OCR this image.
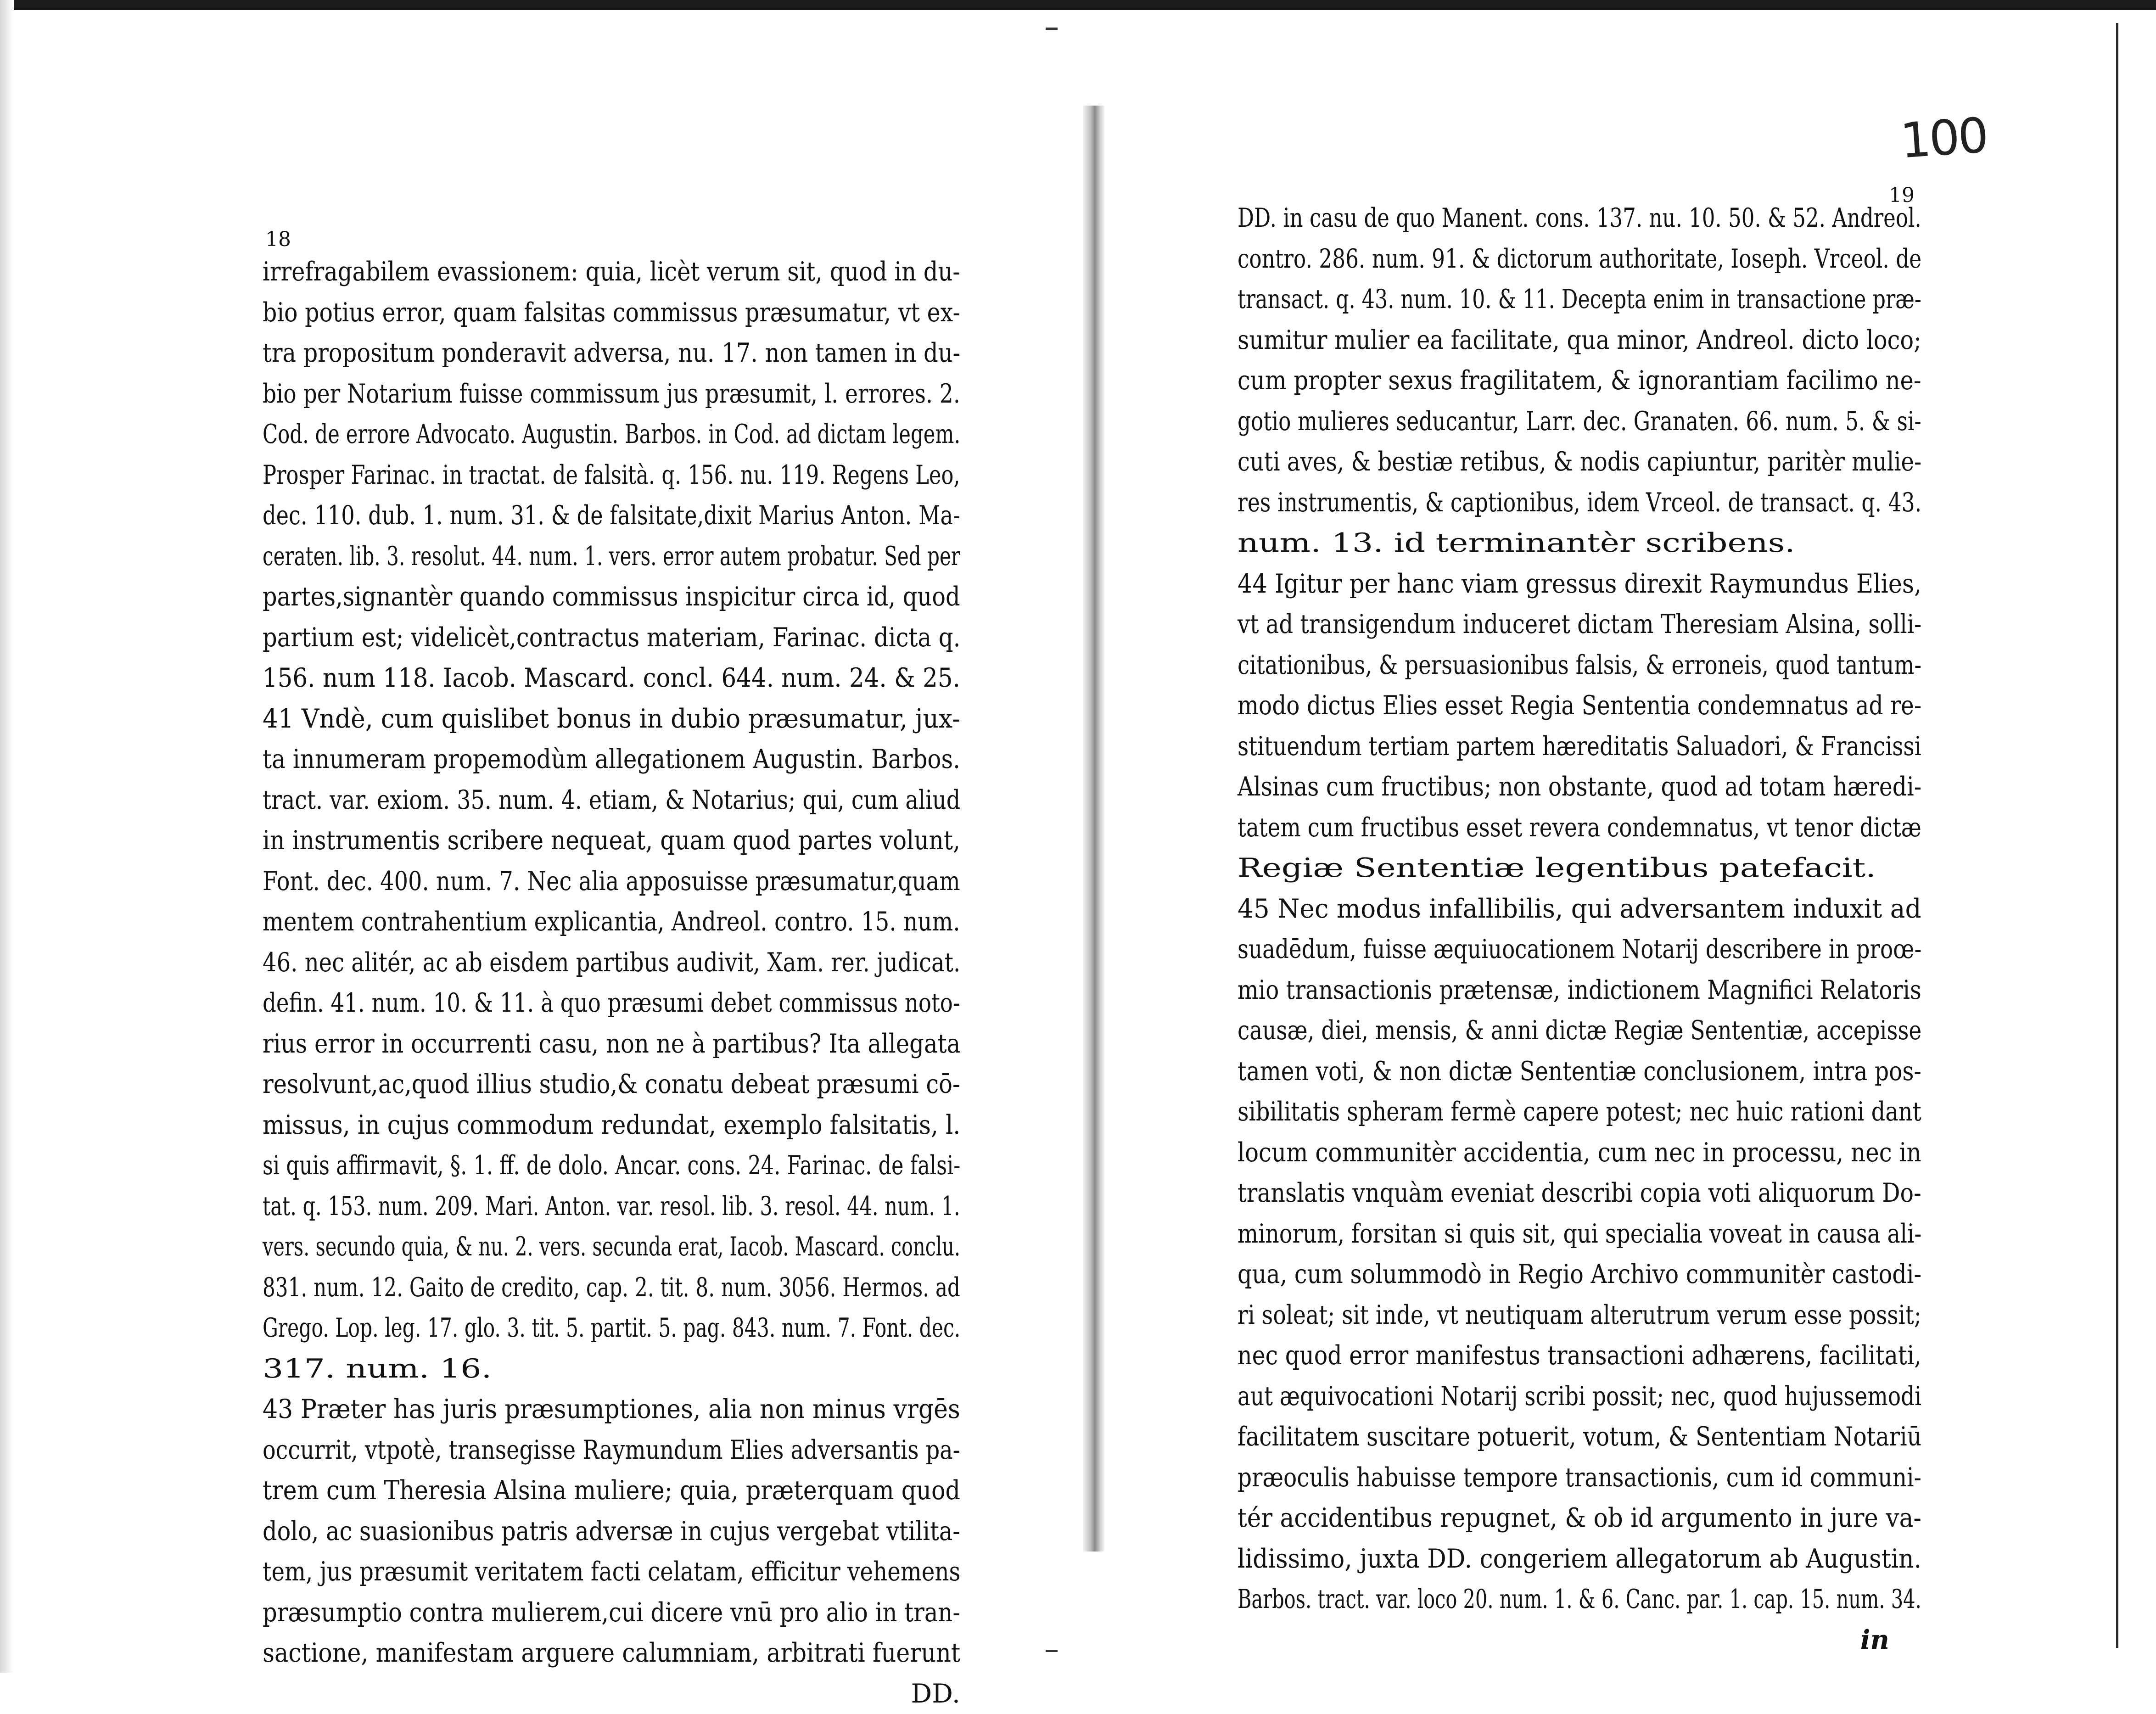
18
19
100
irrefragabilem evassionem: quia, licèt verum sit, quod in du-
bio potius error, quam falsitas commissus præsumatur, vt ex-
tra propositum ponderavit adversa, nu. 17. non tamen in du-
bio per Notarium fuisse commissum jus præsumit, l. errores. 2.
Cod. de errore Advocato. Augustin. Barbos. in Cod. ad dictam legem.
Prosper Farinac. in tractat. de falsità. q. 156. nu. 119. Regens Leo,
dec. 110. dub. 1. num. 31. & de falsitate,dixit Marius Anton. Ma-
ceraten. lib. 3. resolut. 44. num. 1. vers. error autem probatur. Sed per
partes,signantèr quando commissus inspicitur circa id, quod
partium est; videlicèt,contractus materiam, Farinac. dicta q.
156. num 118. Iacob. Mascard. concl. 644. num. 24. & 25.
41 Vndè, cum quislibet bonus in dubio præsumatur, jux-
ta innumeram propemodùm allegationem Augustin. Barbos.
tract. var. exiom. 35. num. 4. etiam, & Notarius; qui, cum aliud
in instrumentis scribere nequeat, quam quod partes volunt,
Font. dec. 400. num. 7. Nec alia apposuisse præsumatur,quam
mentem contrahentium explicantia, Andreol. contro. 15. num.
46. nec alitér, ac ab eisdem partibus audivit, Xam. rer. judicat.
defin. 41. num. 10. & 11. à quo præsumi debet commissus noto-
rius error in occurrenti casu, non ne à partibus? Ita allegata
resolvunt,ac,quod illius studio,& conatu debeat præsumi cō-
missus, in cujus commodum redundat, exemplo falsitatis, l.
si quis affirmavit, §. 1. ff. de dolo. Ancar. cons. 24. Farinac. de falsi-
tat. q. 153. num. 209. Mari. Anton. var. resol. lib. 3. resol. 44. num. 1.
vers. secundo quia, & nu. 2. vers. secunda erat, Iacob. Mascard. conclu.
831. num. 12. Gaito de credito, cap. 2. tit. 8. num. 3056. Hermos. ad
Grego. Lop. leg. 17. glo. 3. tit. 5. partit. 5. pag. 843. num. 7. Font. dec.
317. num. 16.
43 Præter has juris præsumptiones, alia non minus vrgēs
occurrit, vtpotè, transegisse Raymundum Elies adversantis pa-
trem cum Theresia Alsina muliere; quia, præterquam quod
dolo, ac suasionibus patris adversæ in cujus vergebat vtilita-
tem, jus præsumit veritatem facti celatam, efficitur vehemens
præsumptio contra mulierem,cui dicere vnū pro alio in tran-
sactione, manifestam arguere calumniam, arbitrati fuerunt
DD.
DD. in casu de quo Manent. cons. 137. nu. 10. 50. & 52. Andreol.
contro. 286. num. 91. & dictorum authoritate, Ioseph. Vrceol. de
transact. q. 43. num. 10. & 11. Decepta enim in transactione præ-
sumitur mulier ea facilitate, qua minor, Andreol. dicto loco;
cum propter sexus fragilitatem, & ignorantiam facilimo ne-
gotio mulieres seducantur, Larr. dec. Granaten. 66. num. 5. & si-
cuti aves, & bestiæ retibus, & nodis capiuntur, paritèr mulie-
res instrumentis, & captionibus, idem Vrceol. de transact. q. 43.
num. 13. id terminantèr scribens.
44 Igitur per hanc viam gressus direxit Raymundus Elies,
vt ad transigendum induceret dictam Theresiam Alsina, solli-
citationibus, & persuasionibus falsis, & erroneis, quod tantum-
modo dictus Elies esset Regia Sententia condemnatus ad re-
stituendum tertiam partem hæreditatis Saluadori, & Francissi
Alsinas cum fructibus; non obstante, quod ad totam hæredi-
tatem cum fructibus esset revera condemnatus, vt tenor dictæ
Regiæ Sententiæ legentibus patefacit.
45 Nec modus infallibilis, qui adversantem induxit ad
suadēdum, fuisse æquiuocationem Notarij describere in proœ-
mio transactionis prætensæ, indictionem Magnifici Relatoris
causæ, diei, mensis, & anni dictæ Regiæ Sententiæ, accepisse
tamen voti, & non dictæ Sententiæ conclusionem, intra pos-
sibilitatis spheram fermè capere potest; nec huic rationi dant
locum communitèr accidentia, cum nec in processu, nec in
translatis vnquàm eveniat describi copia voti aliquorum Do-
minorum, forsitan si quis sit, qui specialia voveat in causa ali-
qua, cum solummodò in Regio Archivo communitèr castodi-
ri soleat; sit inde, vt neutiquam alterutrum verum esse possit;
nec quod error manifestus transactioni adhærens, facilitati,
aut æquivocationi Notarij scribi possit; nec, quod hujussemodi
facilitatem suscitare potuerit, votum, & Sententiam Notariū
præoculis habuisse tempore transactionis, cum id communi-
tér accidentibus repugnet, & ob id argumento in jure va-
lidissimo, juxta DD. congeriem allegatorum ab Augustin.
Barbos. tract. var. loco 20. num. 1. & 6. Canc. par. 1. cap. 15. num. 34.
in
